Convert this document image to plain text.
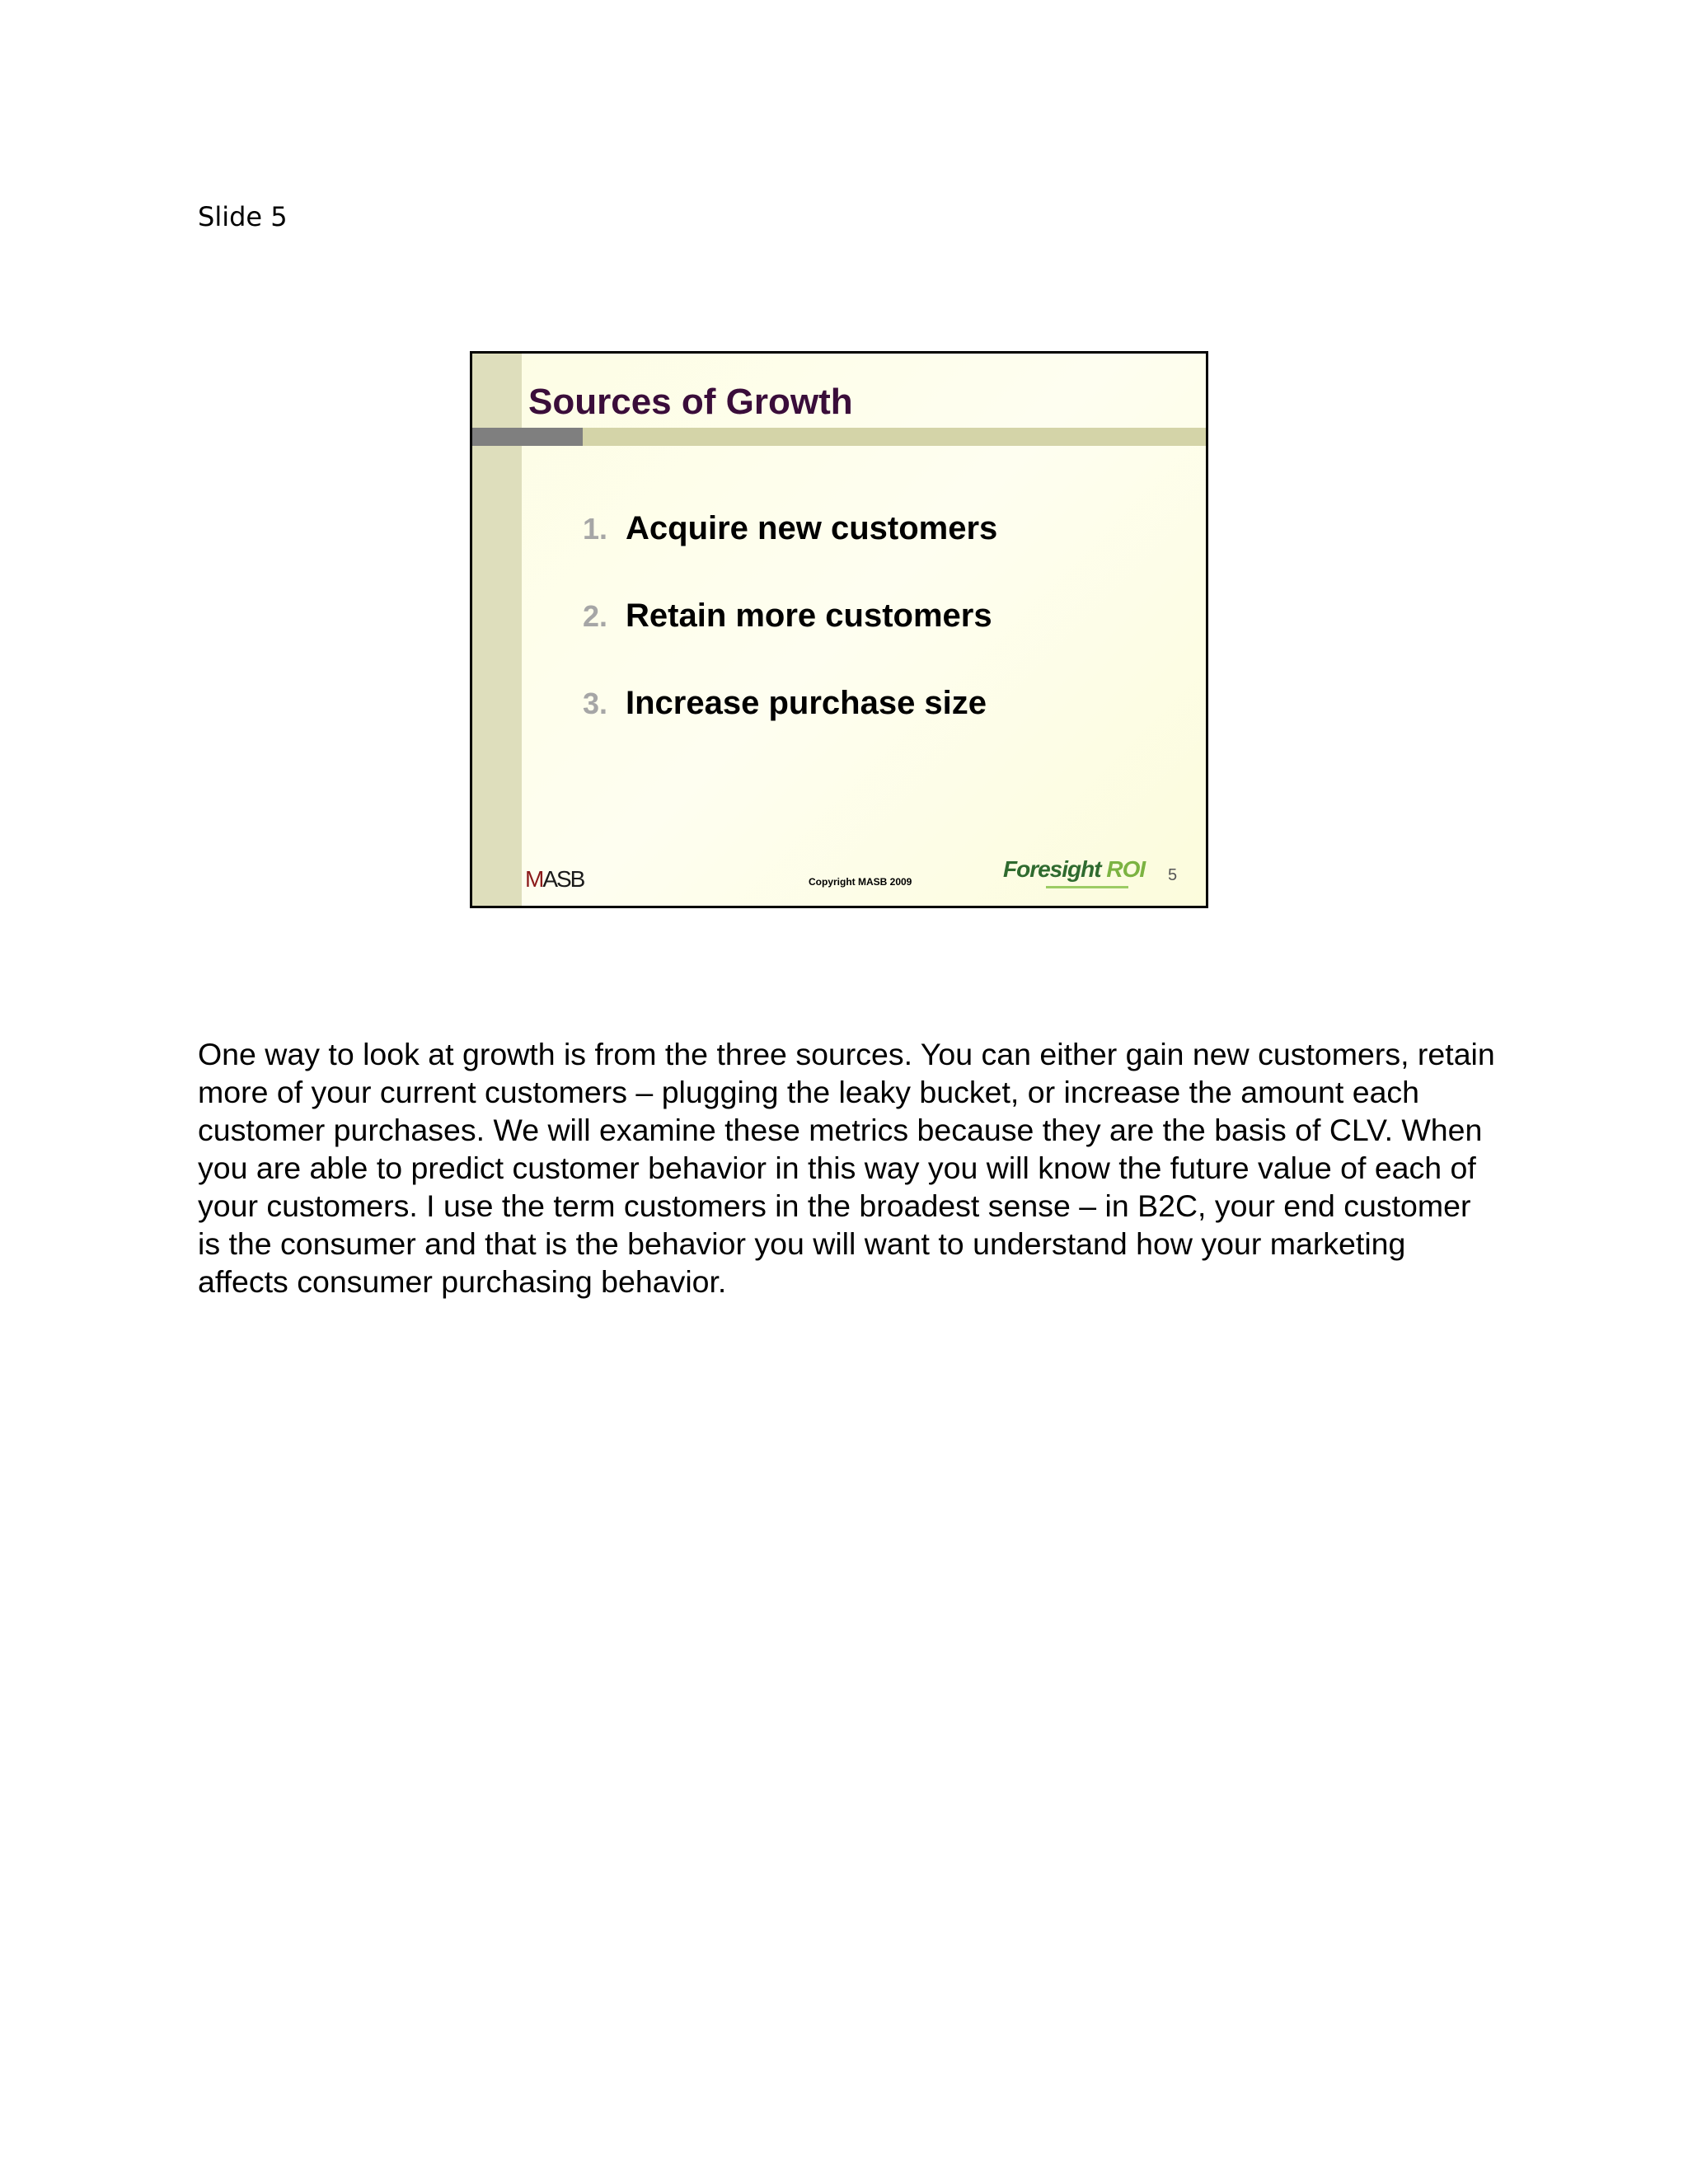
Slide 5
Sources of Growth
1. Acquire new customers
2. Retain more customers
3. Increase purchase size
MASB	Copyright MASB 2009	Foresight ROI 5
One way to look at growth is from the three sources. You can either gain new customers, retain more of your current customers – plugging the leaky bucket, or increase the amount each customer purchases. We will examine these metrics because they are the basis of CLV. When you are able to predict customer behavior in this way you will know the future value of each of your customers. I use the term customers in the broadest sense – in B2C, your end customer is the consumer and that is the behavior you will want to understand how your marketing affects consumer purchasing behavior.
